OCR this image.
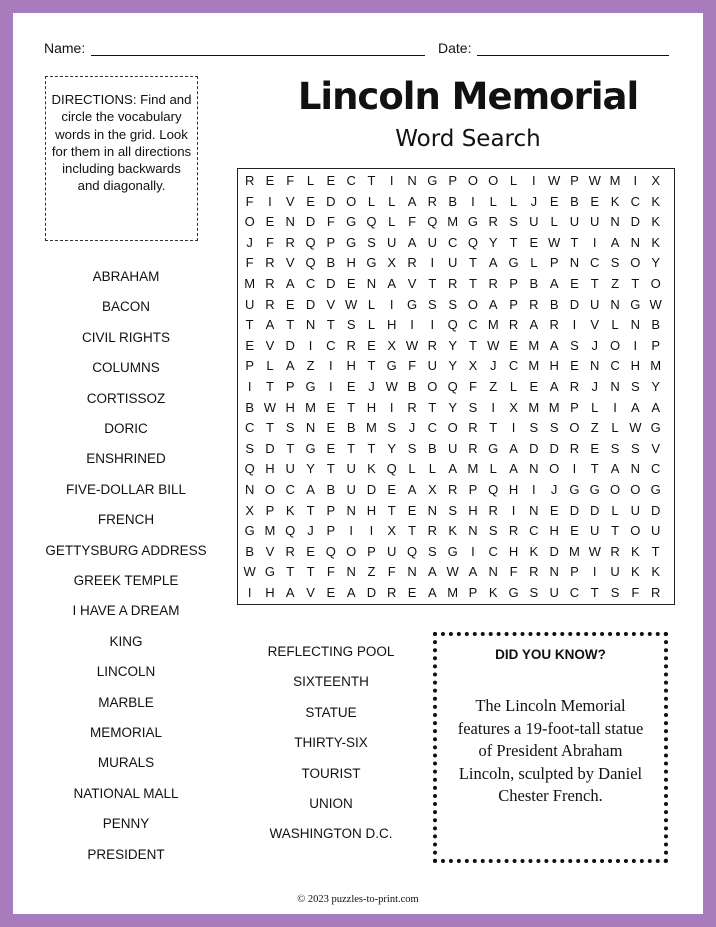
Name:	Date:
Lincoln Memorial
Word Search
DIRECTIONS: Find and circle the vocabulary words in the grid. Look for them in all directions including backwards and diagonally.	R E F L E C T	I	N G P O O L	I W P W M	I	X
F	I	V E D O L	L A R B	I	L	L	J E B E K C K
O E N D F G Q L F Q M G R S U L U U N D K
J	F R Q P G S U A U C Q Y T E W T	I	A N K
F R V Q B H G X R	I	U T A G L P N C S O Y
M R A C D E N A V T R T R P B A E T Z T O
U R E D V W L	I	G S S O A P R B D U N G W
T A T N T S L H	I	I	Q C M R A R	I	V L N B
E V D	I	C R E X W R Y T W E M A S J O	I	P
P L A Z	I	H T G F U Y X J C M H E N C H M
I	T P G	I	E J W B O Q F Z L E A R J N S Y
B W H M E T H	I	R T Y S	I	X M M P L	I	A A
C T S N E B M S J C O R T	I	S S O Z L W G
S D T G E T T Y S B U R G A D D R E S S V
Q H U Y T U K Q L	L A M L A N O	I	T A N C
N O C A B U D E A X R P Q H	I	J G G O O G
X P K T P N H T E N S H R	I	N E D D L U D
G M Q J P	I	I	X T R K N S R C H E U T O U
B V R E Q O P U Q S G	I	C H K D M W R K T
W G T T F N Z F N A W A N F R N P	I	U K K
I	H A V E A D R E A M P K G S U C T S F R
ABRAHAM
BACON
CIVIL RIGHTS
COLUMNS
CORTISSOZ
DORIC
ENSHRINED
FIVE-DOLLAR BILL
FRENCH
GETTYSBURG ADDRESS
GREEK TEMPLE
I HAVE A DREAM
KING
LINCOLN
MARBLE
MEMORIAL
MURALS
NATIONAL MALL
PENNY
PRESIDENT
REFLECTING POOL
SIXTEENTH
STATUE
THIRTY-SIX
TOURIST
UNION
WASHINGTON D.C.
DID YOU KNOW?
The Lincoln Memorial features a 19-foot-tall statue of President Abraham Lincoln, sculpted by Daniel Chester French.
© 2023 puzzles-to-print.com
